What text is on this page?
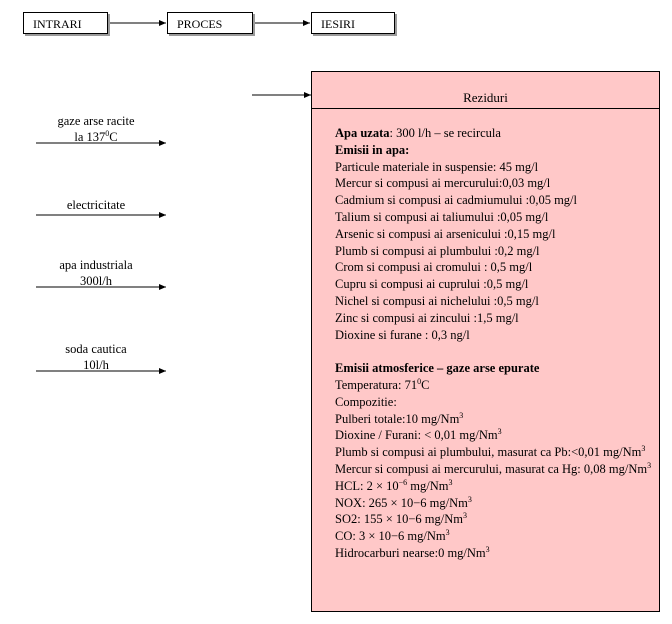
INTRARI	PROCES	IESIRI
gaze arse racite
la $137^0C$
electricitate
apa industriala
300l/h
soda cautica
10l/h
Reziduri
Apa uzata: 300 l/h – se recircula
Emisii in apa:
Particule materiale in suspensie: 45 mg/l
Mercur si compusi ai mercurului:0,03 mg/l
Cadmium si compusi ai cadmiumului :0,05 mg/l
Talium si compusi ai taliumului :0,05 mg/l
Arsenic si compusi ai arsenicului :0,15 mg/l
Plumb si compusi ai plumbului :0,2 mg/l
Crom si compusi ai cromului : 0,5 mg/l
Cupru si compusi ai cuprului :0,5 mg/l
Nichel si compusi ai nichelului :0,5 mg/l
Zinc si compusi ai zincului :1,5 mg/l
Dioxine si furane : 0,3 ng/l
Emisii atmosferice – gaze arse epurate
Temperatura: $71^0C$
Compozitie:
Pulberi totale:10 mg/Nm$^3$
Dioxine / Furani: < 0,01 mg/Nm$^3$
Plumb si compusi ai plumbului, masurat ca Pb:<0,01 mg/Nm$^3$
Mercur si compusi ai mercurului, masurat ca Hg: 0,08 mg/Nm$^3$
HCL: $2 \times 10^{-6}$ mg/Nm$^3$
NOX: 265 × 10−6 mg/Nm$^3$
SO2: 155 × 10−6 mg/Nm$^3$
CO: 3 × 10−6 mg/Nm$^3$
Hidrocarburi nearse:0 mg/Nm$^3$
